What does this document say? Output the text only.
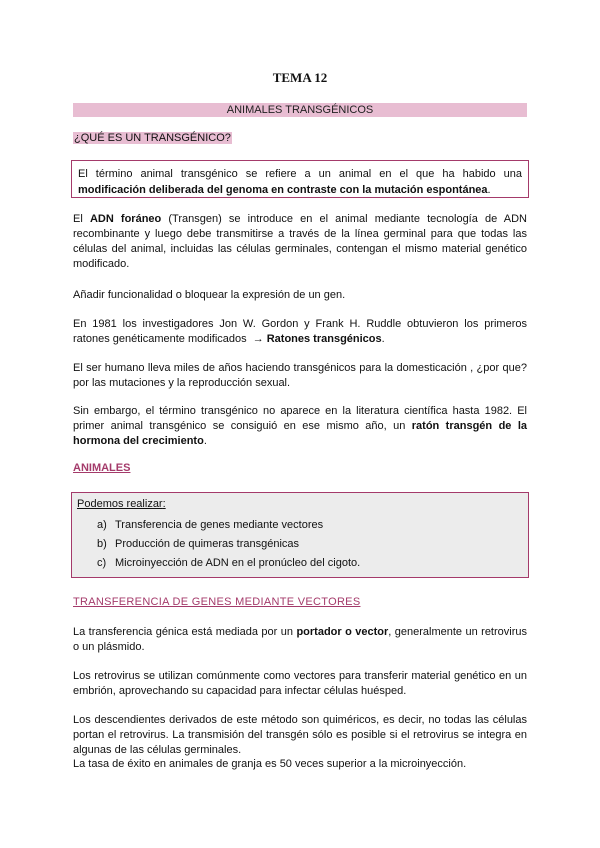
TEMA 12
ANIMALES TRANSGÉNICOS
¿QUÉ ES UN TRANSGÉNICO?
El término animal transgénico se refiere a un animal en el que ha habido una modificación deliberada del genoma en contraste con la mutación espontánea.
El ADN foráneo (Transgen) se introduce en el animal mediante tecnología de ADN recombinante y luego debe transmitirse a través de la línea germinal para que todas las células del animal, incluidas las células germinales, contengan el mismo material genético modificado.
Añadir funcionalidad o bloquear la expresión de un gen.
En 1981 los investigadores Jon W. Gordon y Frank H. Ruddle obtuvieron los primeros ratones genéticamente modificados → Ratones transgénicos.
El ser humano lleva miles de años haciendo transgénicos para la domesticación , ¿por que? por las mutaciones y la reproducción sexual.
Sin embargo, el término transgénico no aparece en la literatura científica hasta 1982. El primer animal transgénico se consiguió en ese mismo año, un ratón transgén de la hormona del crecimiento.
ANIMALES
Podemos realizar:
a) Transferencia de genes mediante vectores
b) Producción de quimeras transgénicas
c) Microinyección de ADN en el pronúcleo del cigoto.
TRANSFERENCIA DE GENES MEDIANTE VECTORES
La transferencia génica está mediada por un portador o vector, generalmente un retrovirus o un plásmido.
Los retrovirus se utilizan comúnmente como vectores para transferir material genético en un embrión, aprovechando su capacidad para infectar células huésped.
Los descendientes derivados de este método son quiméricos, es decir, no todas las células portan el retrovirus. La transmisión del transgén sólo es posible si el retrovirus se integra en algunas de las células germinales.
La tasa de éxito en animales de granja es 50 veces superior a la microinyección.
